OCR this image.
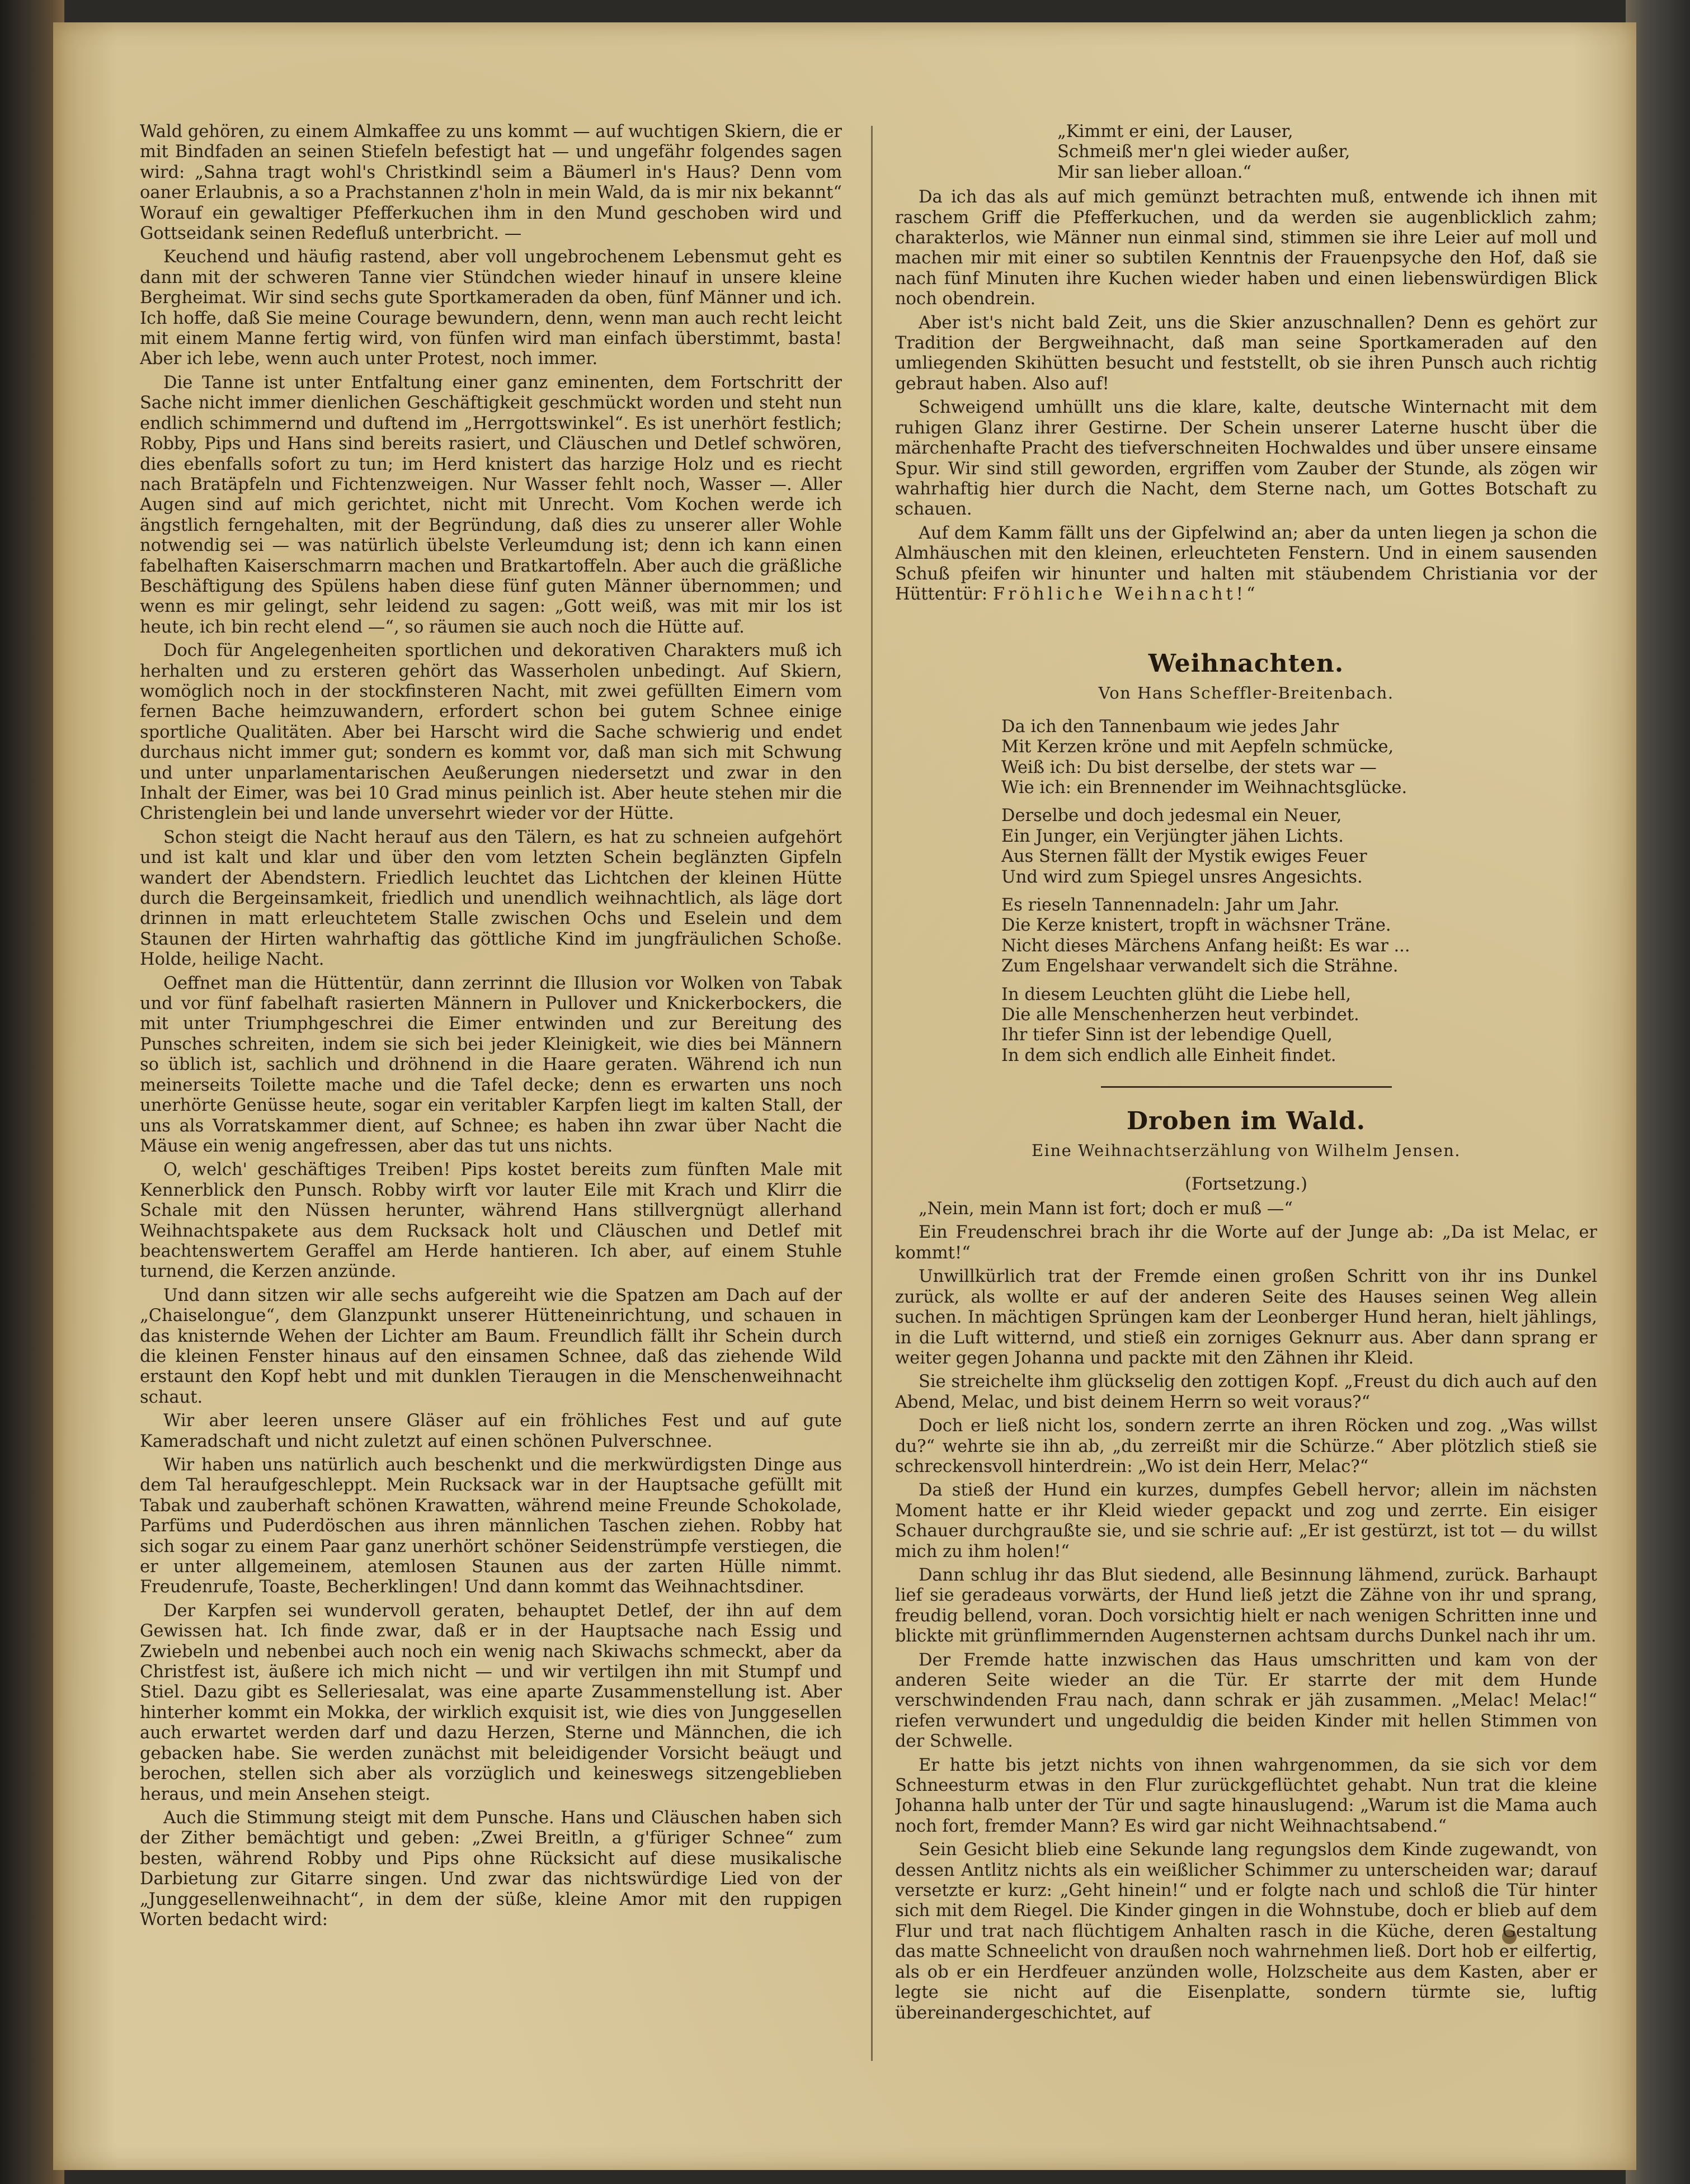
Wald gehören, zu einem Almkaffee zu uns kommt — auf wuchtigen Skiern, die er mit Bindfaden an seinen Stiefeln befestigt hat — und ungefähr folgendes sagen wird: „Sahna tragt wohl's Christkindl seim a Bäumerl in's Haus? Denn vom oaner Erlaubnis, a so a Prachstannen z'holn in mein Wald, da is mir nix bekannt“ Worauf ein gewaltiger Pfefferkuchen ihm in den Mund geschoben wird und Gottseidank seinen Redefluß unterbricht. —

Keuchend und häufig rastend, aber voll ungebrochenem Lebensmut geht es dann mit der schweren Tanne vier Stündchen wieder hinauf in unsere kleine Bergheimat. Wir sind sechs gute Sportkameraden da oben, fünf Männer und ich. Ich hoffe, daß Sie meine Courage bewundern, denn, wenn man auch recht leicht mit einem Manne fertig wird, von fünfen wird man einfach überstimmt, basta! Aber ich lebe, wenn auch unter Protest, noch immer.

Die Tanne ist unter Entfaltung einer ganz eminenten, dem Fortschritt der Sache nicht immer dienlichen Geschäftigkeit geschmückt worden und steht nun endlich schimmernd und duftend im „Herrgottswinkel“. Es ist unerhört festlich; Robby, Pips und Hans sind bereits rasiert, und Cläuschen und Detlef schwören, dies ebenfalls sofort zu tun; im Herd knistert das harzige Holz und es riecht nach Bratäpfeln und Fichtenzweigen. Nur Wasser fehlt noch, Wasser —. Aller Augen sind auf mich gerichtet, nicht mit Unrecht. Vom Kochen werde ich ängstlich ferngehalten, mit der Begründung, daß dies zu unserer aller Wohle notwendig sei — was natürlich übelste Verleumdung ist; denn ich kann einen fabelhaften Kaiserschmarrn machen und Bratkartoffeln. Aber auch die gräßliche Beschäftigung des Spülens haben diese fünf guten Männer übernommen; und wenn es mir gelingt, sehr leidend zu sagen: „Gott weiß, was mit mir los ist heute, ich bin recht elend —“, so räumen sie auch noch die Hütte auf.

Doch für Angelegenheiten sportlichen und dekorativen Charakters muß ich herhalten und zu ersteren gehört das Wasserholen unbedingt. Auf Skiern, womöglich noch in der stockfinsteren Nacht, mit zwei gefüllten Eimern vom fernen Bache heimzuwandern, erfordert schon bei gutem Schnee einige sportliche Qualitäten. Aber bei Harscht wird die Sache schwierig und endet durchaus nicht immer gut; sondern es kommt vor, daß man sich mit Schwung und unter unparlamentarischen Aeußerungen niedersetzt und zwar in den Inhalt der Eimer, was bei 10 Grad minus peinlich ist. Aber heute stehen mir die Christenglein bei und lande unversehrt wieder vor der Hütte.

Schon steigt die Nacht herauf aus den Tälern, es hat zu schneien aufgehört und ist kalt und klar und über den vom letzten Schein beglänzten Gipfeln wandert der Abendstern. Friedlich leuchtet das Lichtchen der kleinen Hütte durch die Bergeinsamkeit, friedlich und unendlich weihnachtlich, als läge dort drinnen in matt erleuchtetem Stalle zwischen Ochs und Eselein und dem Staunen der Hirten wahrhaftig das göttliche Kind im jungfräulichen Schoße. Holde, heilige Nacht.

Oeffnet man die Hüttentür, dann zerrinnt die Illusion vor Wolken von Tabak und vor fünf fabelhaft rasierten Männern in Pullover und Knickerbockers, die mit unter Triumphgeschrei die Eimer entwinden und zur Bereitung des Punsches schreiten, indem sie sich bei jeder Kleinigkeit, wie dies bei Männern so üblich ist, sachlich und dröhnend in die Haare geraten. Während ich nun meinerseits Toilette mache und die Tafel decke; denn es erwarten uns noch unerhörte Genüsse heute, sogar ein veritabler Karpfen liegt im kalten Stall, der uns als Vorratskammer dient, auf Schnee; es haben ihn zwar über Nacht die Mäuse ein wenig angefressen, aber das tut uns nichts.

O, welch' geschäftiges Treiben! Pips kostet bereits zum fünften Male mit Kennerblick den Punsch. Robby wirft vor lauter Eile mit Krach und Klirr die Schale mit den Nüssen herunter, während Hans stillvergnügt allerhand Weihnachtspakete aus dem Rucksack holt und Cläuschen und Detlef mit beachtenswertem Geraffel am Herde hantieren. Ich aber, auf einem Stuhle turnend, die Kerzen anzünde.

Und dann sitzen wir alle sechs aufgereiht wie die Spatzen am Dach auf der „Chaiselongue“, dem Glanzpunkt unserer Hütteneinrichtung, und schauen in das knisternde Wehen der Lichter am Baum. Freundlich fällt ihr Schein durch die kleinen Fenster hinaus auf den einsamen Schnee, daß das ziehende Wild erstaunt den Kopf hebt und mit dunklen Tieraugen in die Menschenweihnacht schaut.

Wir aber leeren unsere Gläser auf ein fröhliches Fest und auf gute Kameradschaft und nicht zuletzt auf einen schönen Pulverschnee.

Wir haben uns natürlich auch beschenkt und die merkwürdigsten Dinge aus dem Tal heraufgeschleppt. Mein Rucksack war in der Hauptsache gefüllt mit Tabak und zauberhaft schönen Krawatten, während meine Freunde Schokolade, Parfüms und Puderdöschen aus ihren männlichen Taschen ziehen. Robby hat sich sogar zu einem Paar ganz unerhört schöner Seidenstrümpfe verstiegen, die er unter allgemeinem, atemlosen Staunen aus der zarten Hülle nimmt. Freudenrufe, Toaste, Becherklingen! Und dann kommt das Weihnachtsdiner.

Der Karpfen sei wundervoll geraten, behauptet Detlef, der ihn auf dem Gewissen hat. Ich finde zwar, daß er in der Hauptsache nach Essig und Zwiebeln und nebenbei auch noch ein wenig nach Skiwachs schmeckt, aber da Christfest ist, äußere ich mich nicht — und wir vertilgen ihn mit Stumpf und Stiel. Dazu gibt es Selleriesalat, was eine aparte Zusammenstellung ist. Aber hinterher kommt ein Mokka, der wirklich exquisit ist, wie dies von Junggesellen auch erwartet werden darf und dazu Herzen, Sterne und Männchen, die ich gebacken habe. Sie werden zunächst mit beleidigender Vorsicht beäugt und berochen, stellen sich aber als vorzüglich und keineswegs sitzengeblieben heraus, und mein Ansehen steigt.

Auch die Stimmung steigt mit dem Punsche. Hans und Cläuschen haben sich der Zither bemächtigt und geben: „Zwei Breitln, a g'füriger Schnee“ zum besten, während Robby und Pips ohne Rücksicht auf diese musikalische Darbietung zur Gitarre singen. Und zwar das nichtswürdige Lied von der „Junggesellenweihnacht“, in dem der süße, kleine Amor mit den ruppigen Worten bedacht wird:

„Kimmt er eini, der Lauser,

Schmeiß mer'n glei wieder außer,

Mir san lieber alloan.“

Da ich das als auf mich gemünzt betrachten muß, entwende ich ihnen mit raschem Griff die Pfefferkuchen, und da werden sie augenblicklich zahm; charakterlos, wie Männer nun einmal sind, stimmen sie ihre Leier auf moll und machen mir mit einer so subtilen Kenntnis der Frauenpsyche den Hof, daß sie nach fünf Minuten ihre Kuchen wieder haben und einen liebenswürdigen Blick noch obendrein.

Aber ist's nicht bald Zeit, uns die Skier anzuschnallen? Denn es gehört zur Tradition der Bergweihnacht, daß man seine Sportkameraden auf den umliegenden Skihütten besucht und feststellt, ob sie ihren Punsch auch richtig gebraut haben. Also auf!

Schweigend umhüllt uns die klare, kalte, deutsche Winternacht mit dem ruhigen Glanz ihrer Gestirne. Der Schein unserer Laterne huscht über die märchenhafte Pracht des tiefverschneiten Hochwaldes und über unsere einsame Spur. Wir sind still geworden, ergriffen vom Zauber der Stunde, als zögen wir wahrhaftig hier durch die Nacht, dem Sterne nach, um Gottes Botschaft zu schauen.

Auf dem Kamm fällt uns der Gipfelwind an; aber da unten liegen ja schon die Almhäuschen mit den kleinen, erleuchteten Fenstern. Und in einem sausenden Schuß pfeifen wir hinunter und halten mit stäubendem Christiania vor der Hüttentür: Fröhliche Weihnacht!“

Weihnachten.

Von Hans Scheffler-Breitenbach.

Da ich den Tannenbaum wie jedes Jahr

Mit Kerzen kröne und mit Aepfeln schmücke,

Weiß ich: Du bist derselbe, der stets war —

Wie ich: ein Brennender im Weihnachtsglücke.

Derselbe und doch jedesmal ein Neuer,

Ein Junger, ein Verjüngter jähen Lichts.

Aus Sternen fällt der Mystik ewiges Feuer

Und wird zum Spiegel unsres Angesichts.

Es rieseln Tannennadeln: Jahr um Jahr.

Die Kerze knistert, tropft in wächsner Träne.

Nicht dieses Märchens Anfang heißt: Es war ...

Zum Engelshaar verwandelt sich die Strähne.

In diesem Leuchten glüht die Liebe hell,

Die alle Menschenherzen heut verbindet.

Ihr tiefer Sinn ist der lebendige Quell,

In dem sich endlich alle Einheit findet.

Droben im Wald.

Eine Weihnachtserzählung von Wilhelm Jensen.

(Fortsetzung.)

„Nein, mein Mann ist fort; doch er muß —“

Ein Freudenschrei brach ihr die Worte auf der Junge ab: „Da ist Melac, er kommt!“

Unwillkürlich trat der Fremde einen großen Schritt von ihr ins Dunkel zurück, als wollte er auf der anderen Seite des Hauses seinen Weg allein suchen. In mächtigen Sprüngen kam der Leonberger Hund heran, hielt jählings, in die Luft witternd, und stieß ein zorniges Geknurr aus. Aber dann sprang er weiter gegen Johanna und packte mit den Zähnen ihr Kleid.

Sie streichelte ihm glückselig den zottigen Kopf. „Freust du dich auch auf den Abend, Melac, und bist deinem Herrn so weit voraus?“

Doch er ließ nicht los, sondern zerrte an ihren Röcken und zog. „Was willst du?“ wehrte sie ihn ab, „du zerreißt mir die Schürze.“ Aber plötzlich stieß sie schreckensvoll hinterdrein: „Wo ist dein Herr, Melac?“

Da stieß der Hund ein kurzes, dumpfes Gebell hervor; allein im nächsten Moment hatte er ihr Kleid wieder gepackt und zog und zerrte. Ein eisiger Schauer durchgraußte sie, und sie schrie auf: „Er ist gestürzt, ist tot — du willst mich zu ihm holen!“

Dann schlug ihr das Blut siedend, alle Besinnung lähmend, zurück. Barhaupt lief sie geradeaus vorwärts, der Hund ließ jetzt die Zähne von ihr und sprang, freudig bellend, voran. Doch vorsichtig hielt er nach wenigen Schritten inne und blickte mit grünflimmernden Augensternen achtsam durchs Dunkel nach ihr um.

Der Fremde hatte inzwischen das Haus umschritten und kam von der anderen Seite wieder an die Tür. Er starrte der mit dem Hunde verschwindenden Frau nach, dann schrak er jäh zusammen. „Melac! Melac!“ riefen verwundert und ungeduldig die beiden Kinder mit hellen Stimmen von der Schwelle.

Er hatte bis jetzt nichts von ihnen wahrgenommen, da sie sich vor dem Schneesturm etwas in den Flur zurückgeflüchtet gehabt. Nun trat die kleine Johanna halb unter der Tür und sagte hinauslugend: „Warum ist die Mama auch noch fort, fremder Mann? Es wird gar nicht Weihnachtsabend.“

Sein Gesicht blieb eine Sekunde lang regungslos dem Kinde zugewandt, von dessen Antlitz nichts als ein weißlicher Schimmer zu unterscheiden war; darauf versetzte er kurz: „Geht hinein!“ und er folgte nach und schloß die Tür hinter sich mit dem Riegel. Die Kinder gingen in die Wohnstube, doch er blieb auf dem Flur und trat nach flüchtigem Anhalten rasch in die Küche, deren Gestaltung das matte Schneelicht von draußen noch wahrnehmen ließ. Dort hob er eilfertig, als ob er ein Herdfeuer anzünden wolle, Holzscheite aus dem Kasten, aber er legte sie nicht auf die Eisenplatte, sondern türmte sie, luftig übereinandergeschichtet, auf
